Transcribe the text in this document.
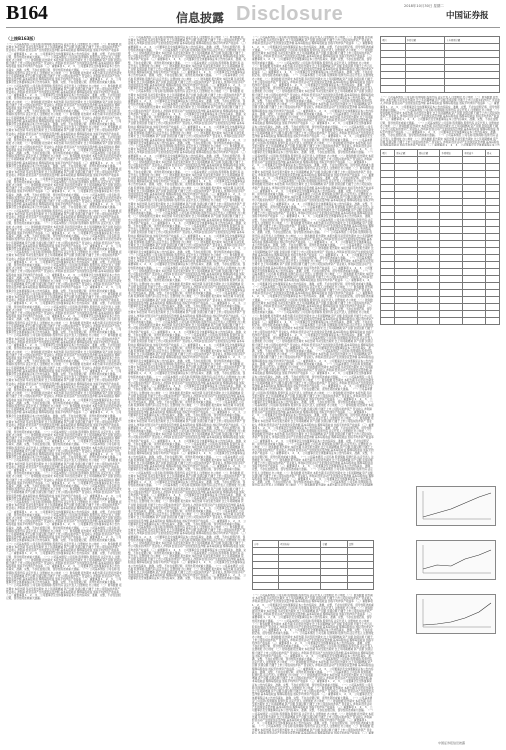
B164	信息披露 Disclosure	2018年10月30日 星期二
中国证券报
（上接B163版）
（一）公司基本情况 公司名称 股票简称 股票代码 法定代表人 注册地址 办公地址 （二）财务数据 报告期末 本报告期 年初至报告期末 比上年同期增减 资产总额 负债总额 归属于上市公司股东的净资产 营业收入 净利润 经营活动产生的现金流量净额 基本每股收益 稀释每股收益 加权平均净资产收益率 （三）重要事项 1、 2、 3、 公司董事会及全体董事保证本公告内容真实、准确、完整，不存在虚假记载、误导性陈述或重大遗漏。 （一）公司基本情况 公司名称 股票简称 股票代码 法定代表人 注册地址 办公地址 （二）财务数据 报告期末 本报告期 年初至报告期末 比上年同期增减 资产总额 负债总额 归属于上市公司股东的净资产 营业收入 净利润 经营活动产生的现金流量净额 基本每股收益 稀释每股收益 加权平均净资产收益率 （三）重要事项 1、 2、 3、 公司董事会及全体董事保证本公告内容真实、准确、完整，不存在虚假记载、误导性陈述或重大遗漏。 （一）公司基本情况 公司名称 股票简称 股票代码 法定代表人 注册地址 办公地址 （二）财务数据 报告期末 本报告期 年初至报告期末 比上年同期增减 资产总额 负债总额 归属于上市公司股东的净资产 营业收入 净利润 经营活动产生的现金流量净额 基本每股收益 稀释每股收益 加权平均净资产收益率 （三）重要事项 1、 2、 3、 公司董事会及全体董事保证本公告内容真实、准确、完整，不存在虚假记载、误导性陈述或重大遗漏。 （一）公司基本情况 公司名称 股票简称 股票代码 法定代表人 注册地址 办公地址 （二）财务数据 报告期末 本报告期 年初至报告期末 比上年同期增减 资产总额 负债总额 归属于上市公司股东的净资产 营业收入 净利润 经营活动产生的现金流量净额 基本每股收益 稀释每股收益 加权平均净资产收益率 （三）重要事项 1、 2、 3、 公司董事会及全体董事保证本公告内容真实、准确、完整，不存在虚假记载、误导性陈述或重大遗漏。 （一）公司基本情况 公司名称 股票简称 股票代码 法定代表人 注册地址 办公地址 （二）财务数据 报告期末 本报告期 年初至报告期末 比上年同期增减 资产总额 负债总额 归属于上市公司股东的净资产 营业收入 净利润 经营活动产生的现金流量净额 基本每股收益 稀释每股收益 加权平均净资产收益率 （三）重要事项 1、 2、 3、 公司董事会及全体董事保证本公告内容真实、准确、完整，不存在虚假记载、误导性陈述或重大遗漏。 （一）公司基本情况 公司名称 股票简称 股票代码 法定代表人 注册地址 办公地址 （二）财务数据 报告期末 本报告期 年初至报告期末 比上年同期增减 资产总额 负债总额 归属于上市公司股东的净资产 营业收入 净利润 经营活动产生的现金流量净额 基本每股收益 稀释每股收益 加权平均净资产收益率 （三）重要事项 1、 2、 3、 公司董事会及全体董事保证本公告内容真实、准确、完整，不存在虚假记载、误导性陈述或重大遗漏。 （一）公司基本情况 公司名称 股票简称 股票代码 法定代表人 注册地址 办公地址 （二）财务数据 报告期末 本报告期 年初至报告期末 比上年同期增减 资产总额 负债总额 归属于上市公司股东的净资产 营业收入 净利润 经营活动产生的现金流量净额 基本每股收益 稀释每股收益 加权平均净资产收益率 （三）重要事项 1、 2、 3、 公司董事会及全体董事保证本公告内容真实、准确、完整，不存在虚假记载、误导性陈述或重大遗漏。 （一）公司基本情况 公司名称 股票简称 股票代码 法定代表人 注册地址 办公地址 （二）财务数据 报告期末 本报告期 年初至报告期末 比上年同期增减 资产总额 负债总额 归属于上市公司股东的净资产 营业收入 净利润 经营活动产生的现金流量净额 基本每股收益 稀释每股收益 加权平均净资产收益率 （三）重要事项 1、 2、 3、 公司董事会及全体董事保证本公告内容真实、准确、完整，不存在虚假记载、误导性陈述或重大遗漏。 （一）公司基本情况 公司名称 股票简称 股票代码 法定代表人 注册地址 办公地址 （二）财务数据 报告期末 本报告期 年初至报告期末 比上年同期增减 资产总额 负债总额 归属于上市公司股东的净资产 营业收入 净利润 经营活动产生的现金流量净额 基本每股收益 稀释每股收益 加权平均净资产收益率 （三）重要事项 1、 2、 3、 公司董事会及全体董事保证本公告内容真实、准确、完整，不存在虚假记载、误导性陈述或重大遗漏。 （一）公司基本情况 公司名称 股票简称 股票代码 法定代表人 注册地址 办公地址 （二）财务数据 报告期末 本报告期 年初至报告期末 比上年同期增减 资产总额 负债总额 归属于上市公司股东的净资产 营业收入 净利润 经营活动产生的现金流量净额 基本每股收益 稀释每股收益 加权平均净资产收益率 （三）重要事项 1、 2、 3、 公司董事会及全体董事保证本公告内容真实、准确、完整，不存在虚假记载、误导性陈述或重大遗漏。 （一）公司基本情况 公司名称 股票简称 股票代码 法定代表人 注册地址 办公地址 （二）财务数据 报告期末 本报告期 年初至报告期末 比上年同期增减 资产总额 负债总额 归属于上市公司股东的净资产 营业收入 净利润 经营活动产生的现金流量净额 基本每股收益 稀释每股收益 加权平均净资产收益率 （三）重要事项 1、 2、 3、 公司董事会及全体董事保证本公告内容真实、准确、完整，不存在虚假记载、误导性陈述或重大遗漏。 （一）公司基本情况 公司名称 股票简称 股票代码 法定代表人 注册地址 办公地址 （二）财务数据 报告期末 本报告期 年初至报告期末 比上年同期增减 资产总额 负债总额 归属于上市公司股东的净资产 营业收入 净利润 经营活动产生的现金流量净额 基本每股收益 稀释每股收益 加权平均净资产收益率 （三）重要事项 1、 2、 3、 公司董事会及全体董事保证本公告内容真实、准确、完整，不存在虚假记载、误导性陈述或重大遗漏。 （一）公司基本情况 公司名称 股票简称 股票代码 法定代表人 注册地址 办公地址 （二）财务数据 报告期末 本报告期 年初至报告期末 比上年同期增减 资产总额 负债总额 归属于上市公司股东的净资产 营业收入 净利润 经营活动产生的现金流量净额 基本每股收益 稀释每股收益 加权平均净资产收益率 （三）重要事项 1、 2、 3、 公司董事会及全体董事保证本公告内容真实、准确、完整，不存在虚假记载、误导性陈述或重大遗漏。 （一）公司基本情况 公司名称 股票简称 股票代码 法定代表人 注册地址 办公地址 （二）财务数据 报告期末 本报告期 年初至报告期末 比上年同期增减 资产总额 负债总额 归属于上市公司股东的净资产 营业收入 净利润 经营活动产生的现金流量净额 基本每股收益 稀释每股收益 加权平均净资产收益率 （三）重要事项 1、 2、 3、 公司董事会及全体董事保证本公告内容真实、准确、完整，不存在虚假记载、误导性陈述或重大遗漏。 （一）公司基本情况 公司名称 股票简称 股票代码 法定代表人 注册地址 办公地址 （二）财务数据 报告期末 本报告期 年初至报告期末 比上年同期增减 资产总额 负债总额 归属于上市公司股东的净资产 营业收入 净利润 经营活动产生的现金流量净额 基本每股收益 稀释每股收益 加权平均净资产收益率 （三）重要事项 1、 2、 3、 公司董事会及全体董事保证本公告内容真实、准确、完整，不存在虚假记载、误导性陈述或重大遗漏。 （一）公司基本情况 公司名称 股票简称 股票代码 法定代表人 注册地址 办公地址 （二）财务数据 报告期末 本报告期 年初至报告期末 比上年同期增减 资产总额 负债总额 归属于上市公司股东的净资产 营业收入 净利润 经营活动产生的现金流量净额 基本每股收益 稀释每股收益 加权平均净资产收益率 （三）重要事项 1、 2、 3、 公司董事会及全体董事保证本公告内容真实、准确、完整，不存在虚假记载、误导性陈述或重大遗漏。 （一）公司基本情况 公司名称 股票简称 股票代码 法定代表人 注册地址 办公地址 （二）财务数据 报告期末 本报告期 年初至报告期末 比上年同期增减 资产总额 负债总额 归属于上市公司股东的净资产 营业收入 净利润 经营活动产生的现金流量净额 基本每股收益 稀释每股收益 加权平均净资产收益率 （三）重要事项 1、 2、 3、 公司董事会及全体董事保证本公告内容真实、准确、完整，不存在虚假记载、误导性陈述或重大遗漏。 （一）公司基本情况 公司名称 股票简称 股票代码 法定代表人 注册地址 办公地址 （二）财务数据 报告期末 本报告期 年初至报告期末 比上年同期增减 资产总额 负债总额 归属于上市公司股东的净资产 营业收入 净利润 经营活动产生的现金流量净额 基本每股收益 稀释每股收益 加权平均净资产收益率 （三）重要事项 1、 2、 3、 公司董事会及全体董事保证本公告内容真实、准确、完整，不存在虚假记载、误导性陈述或重大遗漏。 （一）公司基本情况 公司名称 股票简称 股票代码 法定代表人 注册地址 办公地址 （二）财务数据 报告期末 本报告期 年初至报告期末 比上年同期增减 资产总额 负债总额 归属于上市公司股东的净资产 营业收入 净利润 经营活动产生的现金流量净额 基本每股收益 稀释每股收益 加权平均净资产收益率 （三）重要事项 1、 2、 3、 公司董事会及全体董事保证本公告内容真实、准确、完整，不存在虚假记载、误导性陈述或重大遗漏。 （一）公司基本情况 公司名称 股票简称 股票代码 法定代表人 注册地址 办公地址 （二）财务数据 报告期末 本报告期 年初至报告期末 比上年同期增减 资产总额 负债总额 归属于上市公司股东的净资产 营业收入 净利润 经营活动产生的现金流量净额 基本每股收益 稀释每股收益 加权平均净资产收益率 （三）重要事项 1、 2、 3、 公司董事会及全体董事保证本公告内容真实、准确、完整，不存在虚假记载、误导性陈述或重大遗漏。 （一）公司基本情况 公司名称 股票简称 股票代码 法定代表人 注册地址 办公地址 （二）财务数据 报告期末 本报告期 年初至报告期末 比上年同期增减 资产总额 负债总额 归属于上市公司股东的净资产 营业收入 净利润 经营活动产生的现金流量净额 基本每股收益 稀释每股收益 加权平均净资产收益率 （三）重要事项 1、 2、 3、 公司董事会及全体董事保证本公告内容真实、准确、完整，不存在虚假记载、误导性陈述或重大遗漏。 （一）公司基本情况 公司名称 股票简称 股票代码 法定代表人 注册地址 办公地址 （二）财务数据 报告期末 本报告期 年初至报告期末 比上年同期增减 资产总额 负债总额 归属于上市公司股东的净资产 营业收入 净利润 经营活动产生的现金流量净额 基本每股收益 稀释每股收益 加权平均净资产收益率 （三）重要事项 1、 2、 3、 公司董事会及全体董事保证本公告内容真实、准确、完整，不存在虚假记载、误导性陈述或重大遗漏。 （一）公司基本情况 公司名称 股票简称 股票代码 法定代表人 注册地址 办公地址 （二）财务数据 报告期末 本报告期 年初至报告期末 比上年同期增减 资产总额 负债总额 归属于上市公司股东的净资产 营业收入 净利润 经营活动产生的现金流量净额 基本每股收益 稀释每股收益 加权平均净资产收益率 （三）重要事项 1、 2、 3、 公司董事会及全体董事保证本公告内容真实、准确、完整，不存在虚假记载、误导性陈述或重大遗漏。 （一）公司基本情况 公司名称 股票简称 股票代码 法定代表人 注册地址 办公地址 （二）财务数据 报告期末 本报告期 年初至报告期末 比上年同期增减 资产总额 负债总额 归属于上市公司股东的净资产 营业收入 净利润 经营活动产生的现金流量净额 基本每股收益 稀释每股收益 加权平均净资产收益率 （三）重要事项 1、 2、 3、 公司董事会及全体董事保证本公告内容真实、准确、完整，不存在虚假记载、误导性陈述或重大遗漏。 （一）公司基本情况 公司名称 股票简称 股票代码 法定代表人 注册地址 办公地址 （二）财务数据 报告期末 本报告期 年初至报告期末 比上年同期增减 资产总额 负债总额 归属于上市公司股东的净资产 营业收入 净利润 经营活动产生的现金流量净额 基本每股收益 稀释每股收益 加权平均净资产收益率 （三）重要事项 1、 2、 3、 公司董事会及全体董事保证本公告内容真实、准确、完整，不存在虚假记载、误导性陈述或重大遗漏。 （一）公司基本情况 公司名称 股票简称 股票代码 法定代表人 注册地址 办公地址 （二）财务数据 报告期末 本报告期 年初至报告期末 比上年同期增减 资产总额 负债总额 归属于上市公司股东的净资产 营业收入 净利润 经营活动产生的现金流量净额 基本每股收益 稀释每股收益 加权平均净资产收益率 （三）重要事项 1、 2、 3、 公司董事会及全体董事保证本公告内容真实、准确、完整，不存在虚假记载、误导性陈述或重大遗漏。 （一）公司基本情况 公司名称 股票简称 股票代码 法定代表人 注册地址 办公地址 （二）财务数据 报告期末 本报告期 年初至报告期末 比上年同期增减 资产总额 负债总额 归属于上市公司股东的净资产 营业收入 净利润 经营活动产生的现金流量净额 基本每股收益 稀释每股收益 加权平均净资产收益率 （三）重要事项 1、 2、 3、 公司董事会及全体董事保证本公告内容真实、准确、完整，不存在虚假记载、误导性陈述或重大遗漏。 （一）公司基本情况 公司名称 股票简称 股票代码 法定代表人 注册地址 办公地址 （二）财务数据 报告期末 本报告期 年初至报告期末 比上年同期增减 资产总额 负债总额 归属于上市公司股东的净资产 营业收入 净利润 经营活动产生的现金流量净额 基本每股收益 稀释每股收益 加权平均净资产收益率 （三）重要事项 1、 2、 3、 公司董事会及全体董事保证本公告内容真实、准确、完整，不存在虚假记载、误导性陈述或重大遗漏。 （一）公司基本情况 公司名称 股票简称 股票代码 法定代表人 注册地址 办公地址 （二）财务数据 报告期末 本报告期 年初至报告期末 比上年同期增减 资产总额 负债总额 归属于上市公司股东的净资产 营业收入 净利润 经营活动产生的现金流量净额 基本每股收益 稀释每股收益 加权平均净资产收益率 （三）重要事项 1、 2、 3、 公司董事会及全体董事保证本公告内容真实、准确、完整，不存在虚假记载、误导性陈述或重大遗漏。 （一）公司基本情况 公司名称 股票简称 股票代码 法定代表人 注册地址 办公地址 （二）财务数据 报告期末 本报告期 年初至报告期末 比上年同期增减 资产总额 负债总额 归属于上市公司股东的净资产 营业收入 净利润 经营活动产生的现金流量净额 基本每股收益 稀释每股收益 加权平均净资产收益率 （三）重要事项 1、 2、 3、 公司董事会及全体董事保证本公告内容真实、准确、完整，不存在虚假记载、误导性陈述或重大遗漏。 （一）公司基本情况 公司名称 股票简称 股票代码 法定代表人 注册地址 办公地址 （二）财务数据 报告期末 本报告期 年初至报告期末 比上年同期增减 资产总额 负债总额 归属于上市公司股东的净资产 营业收入 净利润 经营活动产生的现金流量净额 基本每股收益 稀释每股收益 加权平均净资产收益率 （三）重要事项 1、 2、 3、 公司董事会及全体董事保证本公告内容真实、准确、完整，不存在虚假记载、误导性陈述或重大遗漏。 （一）公司基本情况 公司名称 股票简称 股票代码 法定代表人 注册地址 办公地址 （二）财务数据 报告期末 本报告期 年初至报告期末 比上年同期增减 资产总额 负债总额 归属于上市公司股东的净资产 营业收入 净利润 经营活动产生的现金流量净额 基本每股收益 稀释每股收益 加权平均净资产收益率 （三）重要事项 1、 2、 3、 公司董事会及全体董事保证本公告内容真实、准确、完整，不存在虚假记载、误导性陈述或重大遗漏。 （一）公司基本情况 公司名称 股票简称 股票代码 法定代表人 注册地址 办公地址 （二）财务数据 报告期末 本报告期 年初至报告期末 比上年同期增减 资产总额 负债总额 归属于上市公司股东的净资产 营业收入 净利润 经营活动产生的现金流量净额 基本每股收益 稀释每股收益 加权平均净资产收益率 （三）重要事项 1、 2、 3、 公司董事会及全体董事保证本公告内容真实、准确、完整，不存在虚假记载、误导性陈述或重大遗漏。 （一）公司基本情况 公司名称 股票简称 股票代码 法定代表人 注册地址 办公地址 （二）财务数据 报告期末 本报告期 年初至报告期末 比上年同期增减 资产总额 负债总额 归属于上市公司股东的净资产 营业收入 净利润 经营活动产生的现金流量净额 基本每股收益 稀释每股收益 加权平均净资产收益率 （三）重要事项 1、 2、 3、 公司董事会及全体董事保证本公告内容真实、准确、完整，不存在虚假记载、误导性陈述或重大遗漏。 （一）公司基本情况 公司名称 股票简称 股票代码 法定代表人 注册地址 办公地址 （二）财务数据 报告期末 本报告期 年初至报告期末 比上年同期增减 资产总额 负债总额 归属于上市公司股东的净资产 营业收入 净利润 经营活动产生的现金流量净额 基本每股收益 稀释每股收益 加权平均净资产收益率 （三）重要事项 1、 2、 3、 公司董事会及全体董事保证本公告内容真实、准确、完整，不存在虚假记载、误导性陈述或重大遗漏。 （一）公司基本情况 公司名称 股票简称 股票代码 法定代表人 注册地址 办公地址 （二）财务数据 报告期末 本报告期 年初至报告期末 比上年同期增减 资产总额 负债总额 归属于上市公司股东的净资产 营业收入 净利润 经营活动产生的现金流量净额 基本每股收益 稀释每股收益 加权平均净资产收益率 （三）重要事项 1、 2、 3、 公司董事会及全体董事保证本公告内容真实、准确、完整，不存在虚假记载、误导性陈述或重大遗漏。 （一）公司基本情况 公司名称 股票简称 股票代码 法定代表人 注册地址 办公地址 （二）财务数据 报告期末 本报告期 年初至报告期末 比上年同期增减 资产总额 负债总额 归属于上市公司股东的净资产 营业收入 净利润 经营活动产生的现金流量净额 基本每股收益 稀释每股收益 加权平均净资产收益率 （三）重要事项 1、 2、 3、 公司董事会及全体董事保证本公告内容真实、准确、完整，不存在虚假记载、误导性陈述或重大遗漏。 （一）公司基本情况 公司名称 股票简称 股票代码 法定代表人 注册地址 办公地址 （二）财务数据 报告期末 本报告期 年初至报告期末 比上年同期增减 资产总额 负债总额 归属于上市公司股东的净资产 营业收入 净利润 经营活动产生的现金流量净额 基本每股收益 稀释每股收益 加权平均净资产收益率 （三）重要事项 1、 2、 3、 公司董事会及全体董事保证本公告内容真实、准确、完整，不存在虚假记载、误导性陈述或重大遗漏。 （一）公司基本情况 公司名称 股票简称 股票代码 法定代表人 注册地址 办公地址 （二）财务数据 报告期末 本报告期 年初至报告期末 比上年同期增减 资产总额 负债总额 归属于上市公司股东的净资产 营业收入 净利润 经营活动产生的现金流量净额 基本每股收益 稀释每股收益 加权平均净资产收益率 （三）重要事项 1、 2、 3、 公司董事会及全体董事保证本公告内容真实、准确、完整，不存在虚假记载、误导性陈述或重大遗漏。 （一）公司基本情况 公司名称 股票简称 股票代码 法定代表人 注册地址 办公地址 （二）财务数据 报告期末 本报告期 年初至报告期末 比上年同期增减 资产总额 负债总额 归属于上市公司股东的净资产 营业收入 净利润 经营活动产生的现金流量净额 基本每股收益 稀释每股收益 加权平均净资产收益率 （三）重要事项 1、 2、 3、 公司董事会及全体董事保证本公告内容真实、准确、完整，不存在虚假记载、误导性陈述或重大遗漏。
（一）公司基本情况 公司名称 股票简称 股票代码 法定代表人 注册地址 办公地址 （二）财务数据 报告期末 本报告期 年初至报告期末 比上年同期增减 资产总额 负债总额 归属于上市公司股东的净资产 营业收入 净利润 经营活动产生的现金流量净额 基本每股收益 稀释每股收益 加权平均净资产收益率 （三）重要事项 1、 2、 3、 公司董事会及全体董事保证本公告内容真实、准确、完整，不存在虚假记载、误导性陈述或重大遗漏。 （一）公司基本情况 公司名称 股票简称 股票代码 法定代表人 注册地址 办公地址 （二）财务数据 报告期末 本报告期 年初至报告期末 比上年同期增减 资产总额 负债总额 归属于上市公司股东的净资产 营业收入 净利润 经营活动产生的现金流量净额 基本每股收益 稀释每股收益 加权平均净资产收益率 （三）重要事项 1、 2、 3、 公司董事会及全体董事保证本公告内容真实、准确、完整，不存在虚假记载、误导性陈述或重大遗漏。 （一）公司基本情况 公司名称 股票简称 股票代码 法定代表人 注册地址 办公地址 （二）财务数据 报告期末 本报告期 年初至报告期末 比上年同期增减 资产总额 负债总额 归属于上市公司股东的净资产 营业收入 净利润 经营活动产生的现金流量净额 基本每股收益 稀释每股收益 加权平均净资产收益率 （三）重要事项 1、 2、 3、 公司董事会及全体董事保证本公告内容真实、准确、完整，不存在虚假记载、误导性陈述或重大遗漏。 （一）公司基本情况 公司名称 股票简称 股票代码 法定代表人 注册地址 办公地址 （二）财务数据 报告期末 本报告期 年初至报告期末 比上年同期增减 资产总额 负债总额 归属于上市公司股东的净资产 营业收入 净利润 经营活动产生的现金流量净额 基本每股收益 稀释每股收益 加权平均净资产收益率 （三）重要事项 1、 2、 3、 公司董事会及全体董事保证本公告内容真实、准确、完整，不存在虚假记载、误导性陈述或重大遗漏。 （一）公司基本情况 公司名称 股票简称 股票代码 法定代表人 注册地址 办公地址 （二）财务数据 报告期末 本报告期 年初至报告期末 比上年同期增减 资产总额 负债总额 归属于上市公司股东的净资产 营业收入 净利润 经营活动产生的现金流量净额 基本每股收益 稀释每股收益 加权平均净资产收益率 （三）重要事项 1、 2、 3、 公司董事会及全体董事保证本公告内容真实、准确、完整，不存在虚假记载、误导性陈述或重大遗漏。 （一）公司基本情况 公司名称 股票简称 股票代码 法定代表人 注册地址 办公地址 （二）财务数据 报告期末 本报告期 年初至报告期末 比上年同期增减 资产总额 负债总额 归属于上市公司股东的净资产 营业收入 净利润 经营活动产生的现金流量净额 基本每股收益 稀释每股收益 加权平均净资产收益率 （三）重要事项 1、 2、 3、 公司董事会及全体董事保证本公告内容真实、准确、完整，不存在虚假记载、误导性陈述或重大遗漏。 （一）公司基本情况 公司名称 股票简称 股票代码 法定代表人 注册地址 办公地址 （二）财务数据 报告期末 本报告期 年初至报告期末 比上年同期增减 资产总额 负债总额 归属于上市公司股东的净资产 营业收入 净利润 经营活动产生的现金流量净额 基本每股收益 稀释每股收益 加权平均净资产收益率 （三）重要事项 1、 2、 3、 公司董事会及全体董事保证本公告内容真实、准确、完整，不存在虚假记载、误导性陈述或重大遗漏。 （一）公司基本情况 公司名称 股票简称 股票代码 法定代表人 注册地址 办公地址 （二）财务数据 报告期末 本报告期 年初至报告期末 比上年同期增减 资产总额 负债总额 归属于上市公司股东的净资产 营业收入 净利润 经营活动产生的现金流量净额 基本每股收益 稀释每股收益 加权平均净资产收益率 （三）重要事项 1、 2、 3、 公司董事会及全体董事保证本公告内容真实、准确、完整，不存在虚假记载、误导性陈述或重大遗漏。 （一）公司基本情况 公司名称 股票简称 股票代码 法定代表人 注册地址 办公地址 （二）财务数据 报告期末 本报告期 年初至报告期末 比上年同期增减 资产总额 负债总额 归属于上市公司股东的净资产 营业收入 净利润 经营活动产生的现金流量净额 基本每股收益 稀释每股收益 加权平均净资产收益率 （三）重要事项 1、 2、 3、 公司董事会及全体董事保证本公告内容真实、准确、完整，不存在虚假记载、误导性陈述或重大遗漏。 （一）公司基本情况 公司名称 股票简称 股票代码 法定代表人 注册地址 办公地址 （二）财务数据 报告期末 本报告期 年初至报告期末 比上年同期增减 资产总额 负债总额 归属于上市公司股东的净资产 营业收入 净利润 经营活动产生的现金流量净额 基本每股收益 稀释每股收益 加权平均净资产收益率 （三）重要事项 1、 2、 3、 公司董事会及全体董事保证本公告内容真实、准确、完整，不存在虚假记载、误导性陈述或重大遗漏。 （一）公司基本情况 公司名称 股票简称 股票代码 法定代表人 注册地址 办公地址 （二）财务数据 报告期末 本报告期 年初至报告期末 比上年同期增减 资产总额 负债总额 归属于上市公司股东的净资产 营业收入 净利润 经营活动产生的现金流量净额 基本每股收益 稀释每股收益 加权平均净资产收益率 （三）重要事项 1、 2、 3、 公司董事会及全体董事保证本公告内容真实、准确、完整，不存在虚假记载、误导性陈述或重大遗漏。 （一）公司基本情况 公司名称 股票简称 股票代码 法定代表人 注册地址 办公地址 （二）财务数据 报告期末 本报告期 年初至报告期末 比上年同期增减 资产总额 负债总额 归属于上市公司股东的净资产 营业收入 净利润 经营活动产生的现金流量净额 基本每股收益 稀释每股收益 加权平均净资产收益率 （三）重要事项 1、 2、 3、 公司董事会及全体董事保证本公告内容真实、准确、完整，不存在虚假记载、误导性陈述或重大遗漏。 （一）公司基本情况 公司名称 股票简称 股票代码 法定代表人 注册地址 办公地址 （二）财务数据 报告期末 本报告期 年初至报告期末 比上年同期增减 资产总额 负债总额 归属于上市公司股东的净资产 营业收入 净利润 经营活动产生的现金流量净额 基本每股收益 稀释每股收益 加权平均净资产收益率 （三）重要事项 1、 2、 3、 公司董事会及全体董事保证本公告内容真实、准确、完整，不存在虚假记载、误导性陈述或重大遗漏。 （一）公司基本情况 公司名称 股票简称 股票代码 法定代表人 注册地址 办公地址 （二）财务数据 报告期末 本报告期 年初至报告期末 比上年同期增减 资产总额 负债总额 归属于上市公司股东的净资产 营业收入 净利润 经营活动产生的现金流量净额 基本每股收益 稀释每股收益 加权平均净资产收益率 （三）重要事项 1、 2、 3、 公司董事会及全体董事保证本公告内容真实、准确、完整，不存在虚假记载、误导性陈述或重大遗漏。 （一）公司基本情况 公司名称 股票简称 股票代码 法定代表人 注册地址 办公地址 （二）财务数据 报告期末 本报告期 年初至报告期末 比上年同期增减 资产总额 负债总额 归属于上市公司股东的净资产 营业收入 净利润 经营活动产生的现金流量净额 基本每股收益 稀释每股收益 加权平均净资产收益率 （三）重要事项 1、 2、 3、 公司董事会及全体董事保证本公告内容真实、准确、完整，不存在虚假记载、误导性陈述或重大遗漏。 （一）公司基本情况 公司名称 股票简称 股票代码 法定代表人 注册地址 办公地址 （二）财务数据 报告期末 本报告期 年初至报告期末 比上年同期增减 资产总额 负债总额 归属于上市公司股东的净资产 营业收入 净利润 经营活动产生的现金流量净额 基本每股收益 稀释每股收益 加权平均净资产收益率 （三）重要事项 1、 2、 3、 公司董事会及全体董事保证本公告内容真实、准确、完整，不存在虚假记载、误导性陈述或重大遗漏。 （一）公司基本情况 公司名称 股票简称 股票代码 法定代表人 注册地址 办公地址 （二）财务数据 报告期末 本报告期 年初至报告期末 比上年同期增减 资产总额 负债总额 归属于上市公司股东的净资产 营业收入 净利润 经营活动产生的现金流量净额 基本每股收益 稀释每股收益 加权平均净资产收益率 （三）重要事项 1、 2、 3、 公司董事会及全体董事保证本公告内容真实、准确、完整，不存在虚假记载、误导性陈述或重大遗漏。 （一）公司基本情况 公司名称 股票简称 股票代码 法定代表人 注册地址 办公地址 （二）财务数据 报告期末 本报告期 年初至报告期末 比上年同期增减 资产总额 负债总额 归属于上市公司股东的净资产 营业收入 净利润 经营活动产生的现金流量净额 基本每股收益 稀释每股收益 加权平均净资产收益率 （三）重要事项 1、 2、 3、 公司董事会及全体董事保证本公告内容真实、准确、完整，不存在虚假记载、误导性陈述或重大遗漏。 （一）公司基本情况 公司名称 股票简称 股票代码 法定代表人 注册地址 办公地址 （二）财务数据 报告期末 本报告期 年初至报告期末 比上年同期增减 资产总额 负债总额 归属于上市公司股东的净资产 营业收入 净利润 经营活动产生的现金流量净额 基本每股收益 稀释每股收益 加权平均净资产收益率 （三）重要事项 1、 2、 3、 公司董事会及全体董事保证本公告内容真实、准确、完整，不存在虚假记载、误导性陈述或重大遗漏。 （一）公司基本情况 公司名称 股票简称 股票代码 法定代表人 注册地址 办公地址 （二）财务数据 报告期末 本报告期 年初至报告期末 比上年同期增减 资产总额 负债总额 归属于上市公司股东的净资产 营业收入 净利润 经营活动产生的现金流量净额 基本每股收益 稀释每股收益 加权平均净资产收益率 （三）重要事项 1、 2、 3、 公司董事会及全体董事保证本公告内容真实、准确、完整，不存在虚假记载、误导性陈述或重大遗漏。 （一）公司基本情况 公司名称 股票简称 股票代码 法定代表人 注册地址 办公地址 （二）财务数据 报告期末 本报告期 年初至报告期末 比上年同期增减 资产总额 负债总额 归属于上市公司股东的净资产 营业收入 净利润 经营活动产生的现金流量净额 基本每股收益 稀释每股收益 加权平均净资产收益率 （三）重要事项 1、 2、 3、 公司董事会及全体董事保证本公告内容真实、准确、完整，不存在虚假记载、误导性陈述或重大遗漏。 （一）公司基本情况 公司名称 股票简称 股票代码 法定代表人 注册地址 办公地址 （二）财务数据 报告期末 本报告期 年初至报告期末 比上年同期增减 资产总额 负债总额 归属于上市公司股东的净资产 营业收入 净利润 经营活动产生的现金流量净额 基本每股收益 稀释每股收益 加权平均净资产收益率 （三）重要事项 1、 2、 3、 公司董事会及全体董事保证本公告内容真实、准确、完整，不存在虚假记载、误导性陈述或重大遗漏。 （一）公司基本情况 公司名称 股票简称 股票代码 法定代表人 注册地址 办公地址 （二）财务数据 报告期末 本报告期 年初至报告期末 比上年同期增减 资产总额 负债总额 归属于上市公司股东的净资产 营业收入 净利润 经营活动产生的现金流量净额 基本每股收益 稀释每股收益 加权平均净资产收益率 （三）重要事项 1、 2、 3、 公司董事会及全体董事保证本公告内容真实、准确、完整，不存在虚假记载、误导性陈述或重大遗漏。 （一）公司基本情况 公司名称 股票简称 股票代码 法定代表人 注册地址 办公地址 （二）财务数据 报告期末 本报告期 年初至报告期末 比上年同期增减 资产总额 负债总额 归属于上市公司股东的净资产 营业收入 净利润 经营活动产生的现金流量净额 基本每股收益 稀释每股收益 加权平均净资产收益率 （三）重要事项 1、 2、 3、 公司董事会及全体董事保证本公告内容真实、准确、完整，不存在虚假记载、误导性陈述或重大遗漏。 （一）公司基本情况 公司名称 股票简称 股票代码 法定代表人 注册地址 办公地址 （二）财务数据 报告期末 本报告期 年初至报告期末 比上年同期增减 资产总额 负债总额 归属于上市公司股东的净资产 营业收入 净利润 经营活动产生的现金流量净额 基本每股收益 稀释每股收益 加权平均净资产收益率 （三）重要事项 1、 2、 3、 公司董事会及全体董事保证本公告内容真实、准确、完整，不存在虚假记载、误导性陈述或重大遗漏。 （一）公司基本情况 公司名称 股票简称 股票代码 法定代表人 注册地址 办公地址 （二）财务数据 报告期末 本报告期 年初至报告期末 比上年同期增减 资产总额 负债总额 归属于上市公司股东的净资产 营业收入 净利润 经营活动产生的现金流量净额 基本每股收益 稀释每股收益 加权平均净资产收益率 （三）重要事项 1、 2、 3、 公司董事会及全体董事保证本公告内容真实、准确、完整，不存在虚假记载、误导性陈述或重大遗漏。 （一）公司基本情况 公司名称 股票简称 股票代码 法定代表人 注册地址 办公地址 （二）财务数据 报告期末 本报告期 年初至报告期末 比上年同期增减 资产总额 负债总额 归属于上市公司股东的净资产 营业收入 净利润 经营活动产生的现金流量净额 基本每股收益 稀释每股收益 加权平均净资产收益率 （三）重要事项 1、 2、 3、 公司董事会及全体董事保证本公告内容真实、准确、完整，不存在虚假记载、误导性陈述或重大遗漏。 （一）公司基本情况 公司名称 股票简称 股票代码 法定代表人 注册地址 办公地址 （二）财务数据 报告期末 本报告期 年初至报告期末 比上年同期增减 资产总额 负债总额 归属于上市公司股东的净资产 营业收入 净利润 经营活动产生的现金流量净额 基本每股收益 稀释每股收益 加权平均净资产收益率 （三）重要事项 1、 2、 3、 公司董事会及全体董事保证本公告内容真实、准确、完整，不存在虚假记载、误导性陈述或重大遗漏。 （一）公司基本情况 公司名称 股票简称 股票代码 法定代表人 注册地址 办公地址 （二）财务数据 报告期末 本报告期 年初至报告期末 比上年同期增减 资产总额 负债总额 归属于上市公司股东的净资产 营业收入 净利润 经营活动产生的现金流量净额 基本每股收益 稀释每股收益 加权平均净资产收益率 （三）重要事项 1、 2、 3、 公司董事会及全体董事保证本公告内容真实、准确、完整，不存在虚假记载、误导性陈述或重大遗漏。 （一）公司基本情况 公司名称 股票简称 股票代码 法定代表人 注册地址 办公地址 （二）财务数据 报告期末 本报告期 年初至报告期末 比上年同期增减 资产总额 负债总额 归属于上市公司股东的净资产 营业收入 净利润 经营活动产生的现金流量净额 基本每股收益 稀释每股收益 加权平均净资产收益率 （三）重要事项 1、 2、 3、 公司董事会及全体董事保证本公告内容真实、准确、完整，不存在虚假记载、误导性陈述或重大遗漏。 （一）公司基本情况 公司名称 股票简称 股票代码 法定代表人 注册地址 办公地址 （二）财务数据 报告期末 本报告期 年初至报告期末 比上年同期增减 资产总额 负债总额 归属于上市公司股东的净资产 营业收入 净利润 经营活动产生的现金流量净额 基本每股收益 稀释每股收益 加权平均净资产收益率 （三）重要事项 1、 2、 3、 公司董事会及全体董事保证本公告内容真实、准确、完整，不存在虚假记载、误导性陈述或重大遗漏。 （一）公司基本情况 公司名称 股票简称 股票代码 法定代表人 注册地址 办公地址 （二）财务数据 报告期末 本报告期 年初至报告期末 比上年同期增减 资产总额 负债总额 归属于上市公司股东的净资产 营业收入 净利润 经营活动产生的现金流量净额 基本每股收益 稀释每股收益 加权平均净资产收益率 （三）重要事项 1、 2、 3、 公司董事会及全体董事保证本公告内容真实、准确、完整，不存在虚假记载、误导性陈述或重大遗漏。 （一）公司基本情况 公司名称 股票简称 股票代码 法定代表人 注册地址 办公地址 （二）财务数据 报告期末 本报告期 年初至报告期末 比上年同期增减 资产总额 负债总额 归属于上市公司股东的净资产 营业收入 净利润 经营活动产生的现金流量净额 基本每股收益 稀释每股收益 加权平均净资产收益率 （三）重要事项 1、 2、 3、 公司董事会及全体董事保证本公告内容真实、准确、完整，不存在虚假记载、误导性陈述或重大遗漏。 （一）公司基本情况 公司名称 股票简称 股票代码 法定代表人 注册地址 办公地址 （二）财务数据 报告期末 本报告期 年初至报告期末 比上年同期增减 资产总额 负债总额 归属于上市公司股东的净资产 营业收入 净利润 经营活动产生的现金流量净额 基本每股收益 稀释每股收益 加权平均净资产收益率 （三）重要事项 1、 2、 3、 公司董事会及全体董事保证本公告内容真实、准确、完整，不存在虚假记载、误导性陈述或重大遗漏。 （一）公司基本情况 公司名称 股票简称 股票代码 法定代表人 注册地址 办公地址 （二）财务数据 报告期末 本报告期 年初至报告期末 比上年同期增减 资产总额 负债总额 归属于上市公司股东的净资产 营业收入 净利润 经营活动产生的现金流量净额 基本每股收益 稀释每股收益 加权平均净资产收益率 （三）重要事项 1、 2、 3、 公司董事会及全体董事保证本公告内容真实、准确、完整，不存在虚假记载、误导性陈述或重大遗漏。 （一）公司基本情况 公司名称 股票简称 股票代码 法定代表人 注册地址 办公地址 （二）财务数据 报告期末 本报告期 年初至报告期末 比上年同期增减 资产总额 负债总额 归属于上市公司股东的净资产 营业收入 净利润 经营活动产生的现金流量净额 基本每股收益 稀释每股收益 加权平均净资产收益率 （三）重要事项 1、 2、 3、 公司董事会及全体董事保证本公告内容真实、准确、完整，不存在虚假记载、误导性陈述或重大遗漏。 （一）公司基本情况 公司名称 股票简称 股票代码 法定代表人 注册地址 办公地址 （二）财务数据 报告期末 本报告期 年初至报告期末 比上年同期增减 资产总额 负债总额 归属于上市公司股东的净资产 营业收入 净利润 经营活动产生的现金流量净额 基本每股收益 稀释每股收益 加权平均净资产收益率 （三）重要事项 1、 2、 3、 公司董事会及全体董事保证本公告内容真实、准确、完整，不存在虚假记载、误导性陈述或重大遗漏。 （一）公司基本情况 公司名称 股票简称 股票代码 法定代表人 注册地址 办公地址 （二）财务数据 报告期末 本报告期 年初至报告期末 比上年同期增减 资产总额 负债总额 归属于上市公司股东的净资产 营业收入 净利润 经营活动产生的现金流量净额 基本每股收益 稀释每股收益 加权平均净资产收益率 （三）重要事项 1、 2、 3、 公司董事会及全体董事保证本公告内容真实、准确、完整，不存在虚假记载、误导性陈述或重大遗漏。 （一）公司基本情况 公司名称 股票简称 股票代码 法定代表人 注册地址 办公地址 （二）财务数据 报告期末 本报告期 年初至报告期末 比上年同期增减 资产总额 负债总额 归属于上市公司股东的净资产 营业收入 净利润 经营活动产生的现金流量净额 基本每股收益 稀释每股收益 加权平均净资产收益率 （三）重要事项 1、 2、 3、 公司董事会及全体董事保证本公告内容真实、准确、完整，不存在虚假记载、误导性陈述或重大遗漏。 （一）公司基本情况 公司名称 股票简称 股票代码 法定代表人 注册地址 办公地址 （二）财务数据 报告期末 本报告期 年初至报告期末 比上年同期增减 资产总额 负债总额 归属于上市公司股东的净资产 营业收入 净利润 经营活动产生的现金流量净额 基本每股收益 稀释每股收益 加权平均净资产收益率 （三）重要事项 1、 2、 3、 公司董事会及全体董事保证本公告内容真实、准确、完整，不存在虚假记载、误导性陈述或重大遗漏。
（一）公司基本情况 公司名称 股票简称 股票代码 法定代表人 注册地址 办公地址 （二）财务数据 报告期末 本报告期 年初至报告期末 比上年同期增减 资产总额 负债总额 归属于上市公司股东的净资产 营业收入 净利润 经营活动产生的现金流量净额 基本每股收益 稀释每股收益 加权平均净资产收益率 （三）重要事项 1、 2、 3、 公司董事会及全体董事保证本公告内容真实、准确、完整，不存在虚假记载、误导性陈述或重大遗漏。 （一）公司基本情况 公司名称 股票简称 股票代码 法定代表人 注册地址 办公地址 （二）财务数据 报告期末 本报告期 年初至报告期末 比上年同期增减 资产总额 负债总额 归属于上市公司股东的净资产 营业收入 净利润 经营活动产生的现金流量净额 基本每股收益 稀释每股收益 加权平均净资产收益率 （三）重要事项 1、 2、 3、 公司董事会及全体董事保证本公告内容真实、准确、完整，不存在虚假记载、误导性陈述或重大遗漏。 （一）公司基本情况 公司名称 股票简称 股票代码 法定代表人 注册地址 办公地址 （二）财务数据 报告期末 本报告期 年初至报告期末 比上年同期增减 资产总额 负债总额 归属于上市公司股东的净资产 营业收入 净利润 经营活动产生的现金流量净额 基本每股收益 稀释每股收益 加权平均净资产收益率 （三）重要事项 1、 2、 3、 公司董事会及全体董事保证本公告内容真实、准确、完整，不存在虚假记载、误导性陈述或重大遗漏。 （一）公司基本情况 公司名称 股票简称 股票代码 法定代表人 注册地址 办公地址 （二）财务数据 报告期末 本报告期 年初至报告期末 比上年同期增减 资产总额 负债总额 归属于上市公司股东的净资产 营业收入 净利润 经营活动产生的现金流量净额 基本每股收益 稀释每股收益 加权平均净资产收益率 （三）重要事项 1、 2、 3、 公司董事会及全体董事保证本公告内容真实、准确、完整，不存在虚假记载、误导性陈述或重大遗漏。 （一）公司基本情况 公司名称 股票简称 股票代码 法定代表人 注册地址 办公地址 （二）财务数据 报告期末 本报告期 年初至报告期末 比上年同期增减 资产总额 负债总额 归属于上市公司股东的净资产 营业收入 净利润 经营活动产生的现金流量净额 基本每股收益 稀释每股收益 加权平均净资产收益率 （三）重要事项 1、 2、 3、 公司董事会及全体董事保证本公告内容真实、准确、完整，不存在虚假记载、误导性陈述或重大遗漏。 （一）公司基本情况 公司名称 股票简称 股票代码 法定代表人 注册地址 办公地址 （二）财务数据 报告期末 本报告期 年初至报告期末 比上年同期增减 资产总额 负债总额 归属于上市公司股东的净资产 营业收入 净利润 经营活动产生的现金流量净额 基本每股收益 稀释每股收益 加权平均净资产收益率 （三）重要事项 1、 2、 3、 公司董事会及全体董事保证本公告内容真实、准确、完整，不存在虚假记载、误导性陈述或重大遗漏。 （一）公司基本情况 公司名称 股票简称 股票代码 法定代表人 注册地址 办公地址 （二）财务数据 报告期末 本报告期 年初至报告期末 比上年同期增减 资产总额 负债总额 归属于上市公司股东的净资产 营业收入 净利润 经营活动产生的现金流量净额 基本每股收益 稀释每股收益 加权平均净资产收益率 （三）重要事项 1、 2、 3、 公司董事会及全体董事保证本公告内容真实、准确、完整，不存在虚假记载、误导性陈述或重大遗漏。 （一）公司基本情况 公司名称 股票简称 股票代码 法定代表人 注册地址 办公地址 （二）财务数据 报告期末 本报告期 年初至报告期末 比上年同期增减 资产总额 负债总额 归属于上市公司股东的净资产 营业收入 净利润 经营活动产生的现金流量净额 基本每股收益 稀释每股收益 加权平均净资产收益率 （三）重要事项 1、 2、 3、 公司董事会及全体董事保证本公告内容真实、准确、完整，不存在虚假记载、误导性陈述或重大遗漏。 （一）公司基本情况 公司名称 股票简称 股票代码 法定代表人 注册地址 办公地址 （二）财务数据 报告期末 本报告期 年初至报告期末 比上年同期增减 资产总额 负债总额 归属于上市公司股东的净资产 营业收入 净利润 经营活动产生的现金流量净额 基本每股收益 稀释每股收益 加权平均净资产收益率 （三）重要事项 1、 2、 3、 公司董事会及全体董事保证本公告内容真实、准确、完整，不存在虚假记载、误导性陈述或重大遗漏。 （一）公司基本情况 公司名称 股票简称 股票代码 法定代表人 注册地址 办公地址 （二）财务数据 报告期末 本报告期 年初至报告期末 比上年同期增减 资产总额 负债总额 归属于上市公司股东的净资产 营业收入 净利润 经营活动产生的现金流量净额 基本每股收益 稀释每股收益 加权平均净资产收益率 （三）重要事项 1、 2、 3、 公司董事会及全体董事保证本公告内容真实、准确、完整，不存在虚假记载、误导性陈述或重大遗漏。 （一）公司基本情况 公司名称 股票简称 股票代码 法定代表人 注册地址 办公地址 （二）财务数据 报告期末 本报告期 年初至报告期末 比上年同期增减 资产总额 负债总额 归属于上市公司股东的净资产 营业收入 净利润 经营活动产生的现金流量净额 基本每股收益 稀释每股收益 加权平均净资产收益率 （三）重要事项 1、 2、 3、 公司董事会及全体董事保证本公告内容真实、准确、完整，不存在虚假记载、误导性陈述或重大遗漏。 （一）公司基本情况 公司名称 股票简称 股票代码 法定代表人 注册地址 办公地址 （二）财务数据 报告期末 本报告期 年初至报告期末 比上年同期增减 资产总额 负债总额 归属于上市公司股东的净资产 营业收入 净利润 经营活动产生的现金流量净额 基本每股收益 稀释每股收益 加权平均净资产收益率 （三）重要事项 1、 2、 3、 公司董事会及全体董事保证本公告内容真实、准确、完整，不存在虚假记载、误导性陈述或重大遗漏。 （一）公司基本情况 公司名称 股票简称 股票代码 法定代表人 注册地址 办公地址 （二）财务数据 报告期末 本报告期 年初至报告期末 比上年同期增减 资产总额 负债总额 归属于上市公司股东的净资产 营业收入 净利润 经营活动产生的现金流量净额 基本每股收益 稀释每股收益 加权平均净资产收益率 （三）重要事项 1、 2、 3、 公司董事会及全体董事保证本公告内容真实、准确、完整，不存在虚假记载、误导性陈述或重大遗漏。 （一）公司基本情况 公司名称 股票简称 股票代码 法定代表人 注册地址 办公地址 （二）财务数据 报告期末 本报告期 年初至报告期末 比上年同期增减 资产总额 负债总额 归属于上市公司股东的净资产 营业收入 净利润 经营活动产生的现金流量净额 基本每股收益 稀释每股收益 加权平均净资产收益率 （三）重要事项 1、 2、 3、 公司董事会及全体董事保证本公告内容真实、准确、完整，不存在虚假记载、误导性陈述或重大遗漏。 （一）公司基本情况 公司名称 股票简称 股票代码 法定代表人 注册地址 办公地址 （二）财务数据 报告期末 本报告期 年初至报告期末 比上年同期增减 资产总额 负债总额 归属于上市公司股东的净资产 营业收入 净利润 经营活动产生的现金流量净额 基本每股收益 稀释每股收益 加权平均净资产收益率 （三）重要事项 1、 2、 3、 公司董事会及全体董事保证本公告内容真实、准确、完整，不存在虚假记载、误导性陈述或重大遗漏。 （一）公司基本情况 公司名称 股票简称 股票代码 法定代表人 注册地址 办公地址 （二）财务数据 报告期末 本报告期 年初至报告期末 比上年同期增减 资产总额 负债总额 归属于上市公司股东的净资产 营业收入 净利润 经营活动产生的现金流量净额 基本每股收益 稀释每股收益 加权平均净资产收益率 （三）重要事项 1、 2、 3、 公司董事会及全体董事保证本公告内容真实、准确、完整，不存在虚假记载、误导性陈述或重大遗漏。 （一）公司基本情况 公司名称 股票简称 股票代码 法定代表人 注册地址 办公地址 （二）财务数据 报告期末 本报告期 年初至报告期末 比上年同期增减 资产总额 负债总额 归属于上市公司股东的净资产 营业收入 净利润 经营活动产生的现金流量净额 基本每股收益 稀释每股收益 加权平均净资产收益率 （三）重要事项 1、 2、 3、 公司董事会及全体董事保证本公告内容真实、准确、完整，不存在虚假记载、误导性陈述或重大遗漏。 （一）公司基本情况 公司名称 股票简称 股票代码 法定代表人 注册地址 办公地址 （二）财务数据 报告期末 本报告期 年初至报告期末 比上年同期增减 资产总额 负债总额 归属于上市公司股东的净资产 营业收入 净利润 经营活动产生的现金流量净额 基本每股收益 稀释每股收益 加权平均净资产收益率 （三）重要事项 1、 2、 3、 公司董事会及全体董事保证本公告内容真实、准确、完整，不存在虚假记载、误导性陈述或重大遗漏。 （一）公司基本情况 公司名称 股票简称 股票代码 法定代表人 注册地址 办公地址 （二）财务数据 报告期末 本报告期 年初至报告期末 比上年同期增减 资产总额 负债总额 归属于上市公司股东的净资产 营业收入 净利润 经营活动产生的现金流量净额 基本每股收益 稀释每股收益 加权平均净资产收益率 （三）重要事项 1、 2、 3、 公司董事会及全体董事保证本公告内容真实、准确、完整，不存在虚假记载、误导性陈述或重大遗漏。 （一）公司基本情况 公司名称 股票简称 股票代码 法定代表人 注册地址 办公地址 （二）财务数据 报告期末 本报告期 年初至报告期末 比上年同期增减 资产总额 负债总额 归属于上市公司股东的净资产 营业收入 净利润 经营活动产生的现金流量净额 基本每股收益 稀释每股收益 加权平均净资产收益率 （三）重要事项 1、 2、 3、 公司董事会及全体董事保证本公告内容真实、准确、完整，不存在虚假记载、误导性陈述或重大遗漏。 （一）公司基本情况 公司名称 股票简称 股票代码 法定代表人 注册地址 办公地址 （二）财务数据 报告期末 本报告期 年初至报告期末 比上年同期增减 资产总额 负债总额 归属于上市公司股东的净资产 营业收入 净利润 经营活动产生的现金流量净额 基本每股收益 稀释每股收益 加权平均净资产收益率 （三）重要事项 1、 2、 3、 公司董事会及全体董事保证本公告内容真实、准确、完整，不存在虚假记载、误导性陈述或重大遗漏。 （一）公司基本情况 公司名称 股票简称 股票代码 法定代表人 注册地址 办公地址 （二）财务数据 报告期末 本报告期 年初至报告期末 比上年同期增减 资产总额 负债总额 归属于上市公司股东的净资产 营业收入 净利润 经营活动产生的现金流量净额 基本每股收益 稀释每股收益 加权平均净资产收益率 （三）重要事项 1、 2、 3、 公司董事会及全体董事保证本公告内容真实、准确、完整，不存在虚假记载、误导性陈述或重大遗漏。 （一）公司基本情况 公司名称 股票简称 股票代码 法定代表人 注册地址 办公地址 （二）财务数据 报告期末 本报告期 年初至报告期末 比上年同期增减 资产总额 负债总额 归属于上市公司股东的净资产 营业收入 净利润 经营活动产生的现金流量净额 基本每股收益 稀释每股收益 加权平均净资产收益率 （三）重要事项 1、 2、 3、 公司董事会及全体董事保证本公告内容真实、准确、完整，不存在虚假记载、误导性陈述或重大遗漏。 （一）公司基本情况 公司名称 股票简称 股票代码 法定代表人 注册地址 办公地址 （二）财务数据 报告期末 本报告期 年初至报告期末 比上年同期增减 资产总额 负债总额 归属于上市公司股东的净资产 营业收入 净利润 经营活动产生的现金流量净额 基本每股收益 稀释每股收益 加权平均净资产收益率 （三）重要事项 1、 2、 3、 公司董事会及全体董事保证本公告内容真实、准确、完整，不存在虚假记载、误导性陈述或重大遗漏。 （一）公司基本情况 公司名称 股票简称 股票代码 法定代表人 注册地址 办公地址 （二）财务数据 报告期末 本报告期 年初至报告期末 比上年同期增减 资产总额 负债总额 归属于上市公司股东的净资产 营业收入 净利润 经营活动产生的现金流量净额 基本每股收益 稀释每股收益 加权平均净资产收益率 （三）重要事项 1、 2、 3、 公司董事会及全体董事保证本公告内容真实、准确、完整，不存在虚假记载、误导性陈述或重大遗漏。 （一）公司基本情况 公司名称 股票简称 股票代码 法定代表人 注册地址 办公地址 （二）财务数据 报告期末 本报告期 年初至报告期末 比上年同期增减 资产总额 负债总额 归属于上市公司股东的净资产 营业收入 净利润 经营活动产生的现金流量净额 基本每股收益 稀释每股收益 加权平均净资产收益率 （三）重要事项 1、 2、 3、 公司董事会及全体董事保证本公告内容真实、准确、完整，不存在虚假记载、误导性陈述或重大遗漏。 （一）公司基本情况 公司名称 股票简称 股票代码 法定代表人 注册地址 办公地址 （二）财务数据 报告期末 本报告期 年初至报告期末 比上年同期增减 资产总额 负债总额 归属于上市公司股东的净资产 营业收入 净利润 经营活动产生的现金流量净额 基本每股收益 稀释每股收益 加权平均净资产收益率 （三）重要事项 1、 2、 3、 公司董事会及全体董事保证本公告内容真实、准确、完整，不存在虚假记载、误导性陈述或重大遗漏。 （一）公司基本情况 公司名称 股票简称 股票代码 法定代表人 注册地址 办公地址 （二）财务数据 报告期末 本报告期 年初至报告期末 比上年同期增减 资产总额 负债总额 归属于上市公司股东的净资产 营业收入 净利润 经营活动产生的现金流量净额 基本每股收益 稀释每股收益 加权平均净资产收益率 （三）重要事项 1、 2、 3、 公司董事会及全体董事保证本公告内容真实、准确、完整，不存在虚假记载、误导性陈述或重大遗漏。 （一）公司基本情况 公司名称 股票简称 股票代码 法定代表人 注册地址 办公地址 （二）财务数据 报告期末 本报告期 年初至报告期末 比上年同期增减 资产总额 负债总额 归属于上市公司股东的净资产 营业收入 净利润 经营活动产生的现金流量净额 基本每股收益 稀释每股收益 加权平均净资产收益率 （三）重要事项 1、 2、 3、 公司董事会及全体董事保证本公告内容真实、准确、完整，不存在虚假记载、误导性陈述或重大遗漏。 （一）公司基本情况 公司名称 股票简称 股票代码 法定代表人 注册地址 办公地址 （二）财务数据 报告期末 本报告期 年初至报告期末 比上年同期增减 资产总额 负债总额 归属于上市公司股东的净资产 营业收入 净利润 经营活动产生的现金流量净额 基本每股收益 稀释每股收益 加权平均净资产收益率 （三）重要事项 1、 2、 3、 公司董事会及全体董事保证本公告内容真实、准确、完整，不存在虚假记载、误导性陈述或重大遗漏。 （一）公司基本情况 公司名称 股票简称 股票代码 法定代表人 注册地址 办公地址 （二）财务数据 报告期末 本报告期 年初至报告期末 比上年同期增减 资产总额 负债总额 归属于上市公司股东的净资产 营业收入 净利润 经营活动产生的现金流量净额 基本每股收益 稀释每股收益 加权平均净资产收益率 （三）重要事项 1、 2、 3、 公司董事会及全体董事保证本公告内容真实、准确、完整，不存在虚假记载、误导性陈述或重大遗漏。 （一）公司基本情况 公司名称 股票简称 股票代码 法定代表人 注册地址 办公地址 （二）财务数据 报告期末 本报告期 年初至报告期末 比上年同期增减 资产总额 负债总额 归属于上市公司股东的净资产 营业收入 净利润 经营活动产生的现金流量净额 基本每股收益 稀释每股收益 加权平均净资产收益率 （三）重要事项 1、 2、 3、 公司董事会及全体董事保证本公告内容真实、准确、完整，不存在虚假记载、误导性陈述或重大遗漏。 （一）公司基本情况 公司名称 股票简称 股票代码 法定代表人 注册地址 办公地址 （二）财务数据 报告期末 本报告期 年初至报告期末 比上年同期增减 资产总额 负债总额 归属于上市公司股东的净资产 营业收入 净利润 经营活动产生的现金流量净额 基本每股收益 稀释每股收益 加权平均净资产收益率 （三）重要事项 1、 2、 3、 公司董事会及全体董事保证本公告内容真实、准确、完整，不存在虚假记载、误导性陈述或重大遗漏。 （一）公司基本情况 公司名称 股票简称 股票代码 法定代表人 注册地址 办公地址 （二）财务数据 报告期末 本报告期 年初至报告期末 比上年同期增减 资产总额 负债总额 归属于上市公司股东的净资产 营业收入 净利润 经营活动产生的现金流量净额 基本每股收益 稀释每股收益 加权平均净资产收益率 （三）重要事项 1、 2、 3、 公司董事会及全体董事保证本公告内容真实、准确、完整，不存在虚假记载、误导性陈述或重大遗漏。 （一）公司基本情况 公司名称 股票简称 股票代码 法定代表人 注册地址 办公地址 （二）财务数据 报告期末 本报告期 年初至报告期末 比上年同期增
序号	项目名称	金额	比例

（一）公司基本情况 公司名称 股票简称 股票代码 法定代表人 注册地址 办公地址 （二）财务数据 报告期末 本报告期 年初至报告期末 比上年同期增减 资产总额 负债总额 归属于上市公司股东的净资产 营业收入 净利润 经营活动产生的现金流量净额 基本每股收益 稀释每股收益 加权平均净资产收益率 （三）重要事项 1、 2、 3、 公司董事会及全体董事保证本公告内容真实、准确、完整，不存在虚假记载、误导性陈述或重大遗漏。 （一）公司基本情况 公司名称 股票简称 股票代码 法定代表人 注册地址 办公地址 （二）财务数据 报告期末 本报告期 年初至报告期末 比上年同期增减 资产总额 负债总额 归属于上市公司股东的净资产 营业收入 净利润 经营活动产生的现金流量净额 基本每股收益 稀释每股收益 加权平均净资产收益率 （三）重要事项 1、 2、 3、 公司董事会及全体董事保证本公告内容真实、准确、完整，不存在虚假记载、误导性陈述或重大遗漏。 （一）公司基本情况 公司名称 股票简称 股票代码 法定代表人 注册地址 办公地址 （二）财务数据 报告期末 本报告期 年初至报告期末 比上年同期增减 资产总额 负债总额 归属于上市公司股东的净资产 营业收入 净利润 经营活动产生的现金流量净额 基本每股收益 稀释每股收益 加权平均净资产收益率 （三）重要事项 1、 2、 3、 公司董事会及全体董事保证本公告内容真实、准确、完整，不存在虚假记载、误导性陈述或重大遗漏。 （一）公司基本情况 公司名称 股票简称 股票代码 法定代表人 注册地址 办公地址 （二）财务数据 报告期末 本报告期 年初至报告期末 比上年同期增减 资产总额 负债总额 归属于上市公司股东的净资产 营业收入 净利润 经营活动产生的现金流量净额 基本每股收益 稀释每股收益 加权平均净资产收益率 （三）重要事项 1、 2、 3、 公司董事会及全体董事保证本公告内容真实、准确、完整，不存在虚假记载、误导性陈述或重大遗漏。 （一）公司基本情况 公司名称 股票简称 股票代码 法定代表人 注册地址 办公地址 （二）财务数据 报告期末 本报告期 年初至报告期末 比上年同期增减 资产总额 负债总额 归属于上市公司股东的净资产 营业收入 净利润 经营活动产生的现金流量净额 基本每股收益 稀释每股收益 加权平均净资产收益率 （三）重要事项 1、 2、 3、 公司董事会及全体董事保证本公告内容真实、准确、完整，不存在虚假记载、误导性陈述或重大遗漏。 （一）公司基本情况 公司名称 股票简称 股票代码 法定代表人 注册地址 办公地址 （二）财务数据 报告期末 本报告期 年初至报告期末 比上年同期增减 资产总额 负债总额 归属于上市公司股东的净资产 营业收入 净利润 经营活动产生的现金流量净额 基本每股收益 稀释每股收益 加权平均净资产收益率 （三）重要事项 1、 2、 3、 公司董事会及全体董事保证本公告内容真实、准确、完整，不存在虚假记载、误导性陈述或重大遗漏。 （一）公司基本情况 公司名称 股票简称 股票代码 法定代表人 注册地址 办公地址 （二）财务数据 报告期末 本报告期 年初至报告期末 比上年同期增减 资产总额 负债总额 归属于上市公司股东的净资产 营业收入 净利润 经营活动产生的现金流量净额 基本每股收益 稀释每股收益 加权平均净资产收益率 （三）重要事项 1、 2、 3、 公司董事会及全体董事保证本公告内容真实、准确、完整，不存在虚假记载、误导性陈述或重大遗漏。 （一）公司基本情况 公司名称 股票简称 股票代码 法定代表人 注册地址 办公地址 （二）财务数据 报告期末 本报告期 年初至报告期末 比上年同期增减 资产总额 负债总额 归属于上市公司股东的净资产 营业收入 净利润 经营活动产生的现金流量净额 基本每股收益 稀释每股收益 加权平均净资产收益率 （三）重要事项 1、 2、 3、 公司董事会及全体董事保证本公告内容真实、准确、完整，不存在虚假记载、误导性陈述或重大遗漏。 （一）公司基本情况 公司名称 股票简称 股票代码 法定代表人 注册地址 办公地址 （二）财务数据 报告期末 本报告期 年初至报告期末 比上年同期增减 资产总额 负债总额 归属于上市公司股东的净资产 营业收入 净利润 经营活动产生的现金流量净额 基本每股收益 稀释每股收益 加权平均净资产收益率 （三）重要事项 1、 2、 3、 公司董事会及全体董事保证本公告内容真实、准确、完整，不存在虚假记载、误导性陈述或重大遗漏。 （一）公司基本情况 公司名称 股票简称 股票代码 法定代表人 注册地址 办公地址 （二）财务数据 报告期末 本报告期 年初至报告期末 比上年同期增减 资产总额 负债总额 归属于上市公司股东的净资产 营业收入 净利润 经营活动产生的现金流量净额 基本每股收益 稀释每股收益 加权平均净资产收益率 （三）重要事项 1、 2、 3、 公司董事会及全体董事保证本公告内容真实、准确、完整，不存在虚假记载、误导性陈述或重大遗漏。 （一）公司基本情况 公司名称 股票简称 股票代码 法定代表人 注册地址 办公地址 （二）财务数据 报告期末 本报告期 年初至报告期末 比上年同期增减 资产总额 负债总额 归属于上市公司股东的净资产 营业收入 净利润 经营活动产生的现金流量净额 基本每股收益 稀释每股收益 加权平均净资产收益率 （三）重要
项目	本期金额	上年同期金额

（一）公司基本情况 公司名称 股票简称 股票代码 法定代表人 注册地址 办公地址 （二）财务数据 报告期末 本报告期 年初至报告期末 比上年同期增减 资产总额 负债总额 归属于上市公司股东的净资产 营业收入 净利润 经营活动产生的现金流量净额 基本每股收益 稀释每股收益 加权平均净资产收益率 （三）重要事项 1、 2、 3、 公司董事会及全体董事保证本公告内容真实、准确、完整，不存在虚假记载、误导性陈述或重大遗漏。 （一）公司基本情况 公司名称 股票简称 股票代码 法定代表人 注册地址 办公地址 （二）财务数据 报告期末 本报告期 年初至报告期末 比上年同期增减 资产总额 负债总额 归属于上市公司股东的净资产 营业收入 净利润 经营活动产生的现金流量净额 基本每股收益 稀释每股收益 加权平均净资产收益率 （三）重要事项 1、 2、 3、 公司董事会及全体董事保证本公告内容真实、准确、完整，不存在虚假记载、误导性陈述或重大遗漏。 （一）公司基本情况 公司名称 股票简称 股票代码 法定代表人 注册地址 办公地址 （二）财务数据 报告期末 本报告期 年初至报告期末 比上年同期增减 资产总额 负债总额 归属于上市公司股东的净资产 营业收入 净利润 经营活动产生的现金流量净额 基本每股收益 稀释每股收益 加权平均净资产收益率 （三）重要事项 1、 2、 3、 公司董事会及全体董事保证本公告内容真实、准确、完整，不存在虚假记载、误导性陈述或重大遗漏。 （一）公司基本情况 公司名称 股票简称 股票代码 法定代表人 注册地址 办公地址 （二）财务数据 报告期末 本报告期 年初至报告期末 比上年同期增减 资产总额 负债总额 归属于上市公司股东的净资产 营业收入 净利润 经营活动产生的现金流量净额 基本每股收益 稀释每股收益 加权平均净资产收益率 （三）重要事项 1、 2、 3、 公司董事会及全体董事保证本公告
项目	期末余额	期初余额	本期增加	本期减少	期末

中国证券报信息披露
